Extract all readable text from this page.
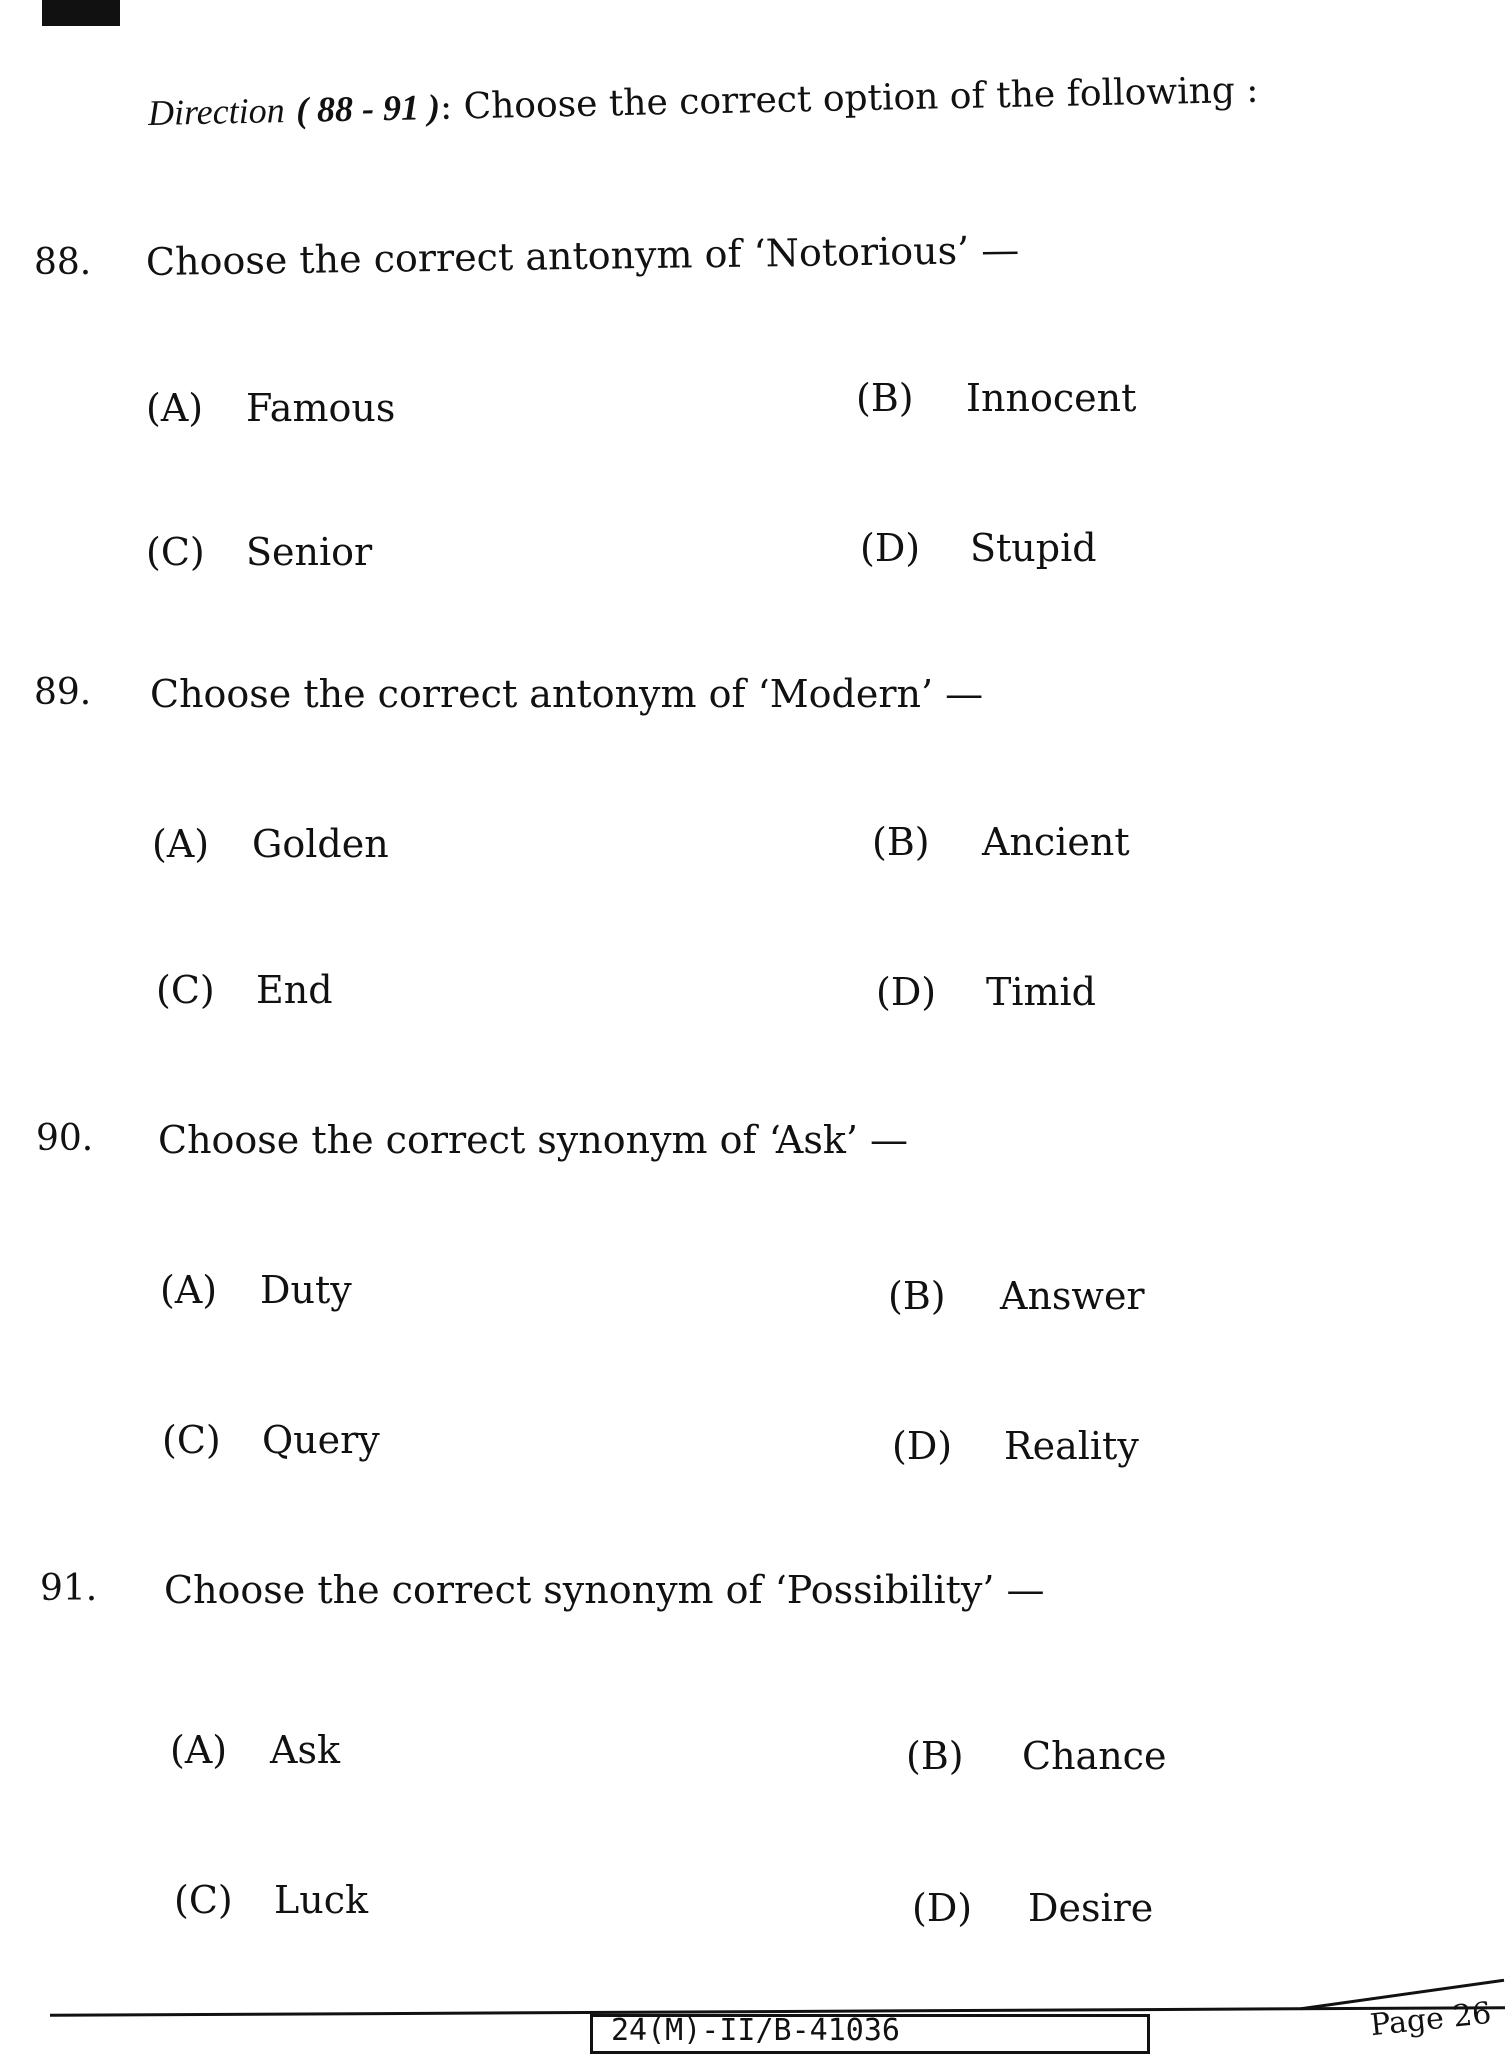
Direction ( 88 - 91 ): Choose the correct option of the following :
88. Choose the correct antonym of ‘Notorious’ —
(A) Famous	(B) Innocent
(C) Senior	(D) Stupid
89. Choose the correct antonym of ‘Modern’ —
(A) Golden	(B) Ancient
(C) End	(D) Timid
90. Choose the correct synonym of ‘Ask’ —
(A) Duty	(B) Answer
(C) Query	(D) Reality
91. Choose the correct synonym of ‘Possibility’ —
(A) Ask	(B) Chance
(C) Luck	(D) Desire
24(M)-II/B-41036	Page 26
